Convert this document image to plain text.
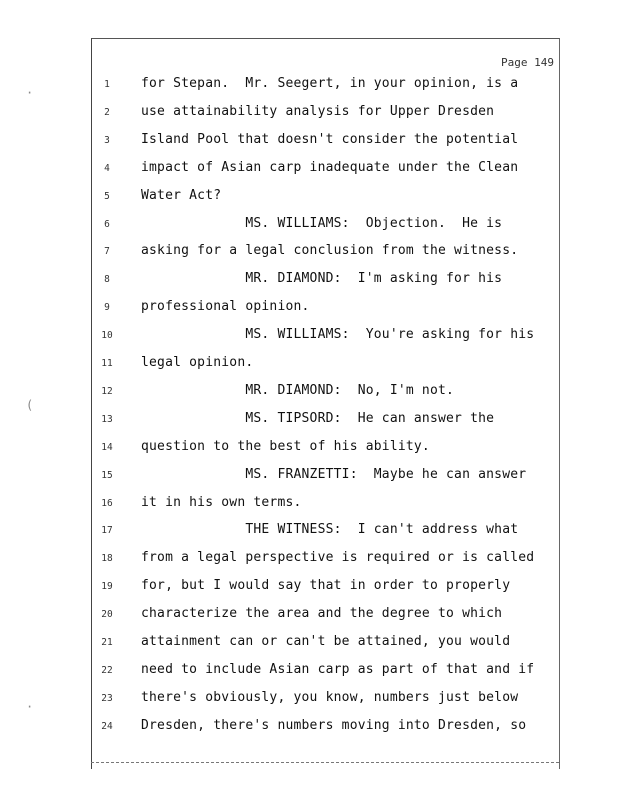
·
(
·
Page 149
1	for Stepan.  Mr. Seegert, in your opinion, is a
2	use attainability analysis for Upper Dresden
3	Island Pool that doesn't consider the potential
4	impact of Asian carp inadequate under the Clean
5	Water Act?
6	MS. WILLIAMS:  Objection.  He is
7	asking for a legal conclusion from the witness.
8	MR. DIAMOND:  I'm asking for his
9	professional opinion.
10	MS. WILLIAMS:  You're asking for his
11	legal opinion.
12	MR. DIAMOND:  No, I'm not.
13	MS. TIPSORD:  He can answer the
14	question to the best of his ability.
15	MS. FRANZETTI:  Maybe he can answer
16	it in his own terms.
17	THE WITNESS:  I can't address what
18	from a legal perspective is required or is called
19	for, but I would say that in order to properly
20	characterize the area and the degree to which
21	attainment can or can't be attained, you would
22	need to include Asian carp as part of that and if
23	there's obviously, you know, numbers just below
24	Dresden, there's numbers moving into Dresden, so
